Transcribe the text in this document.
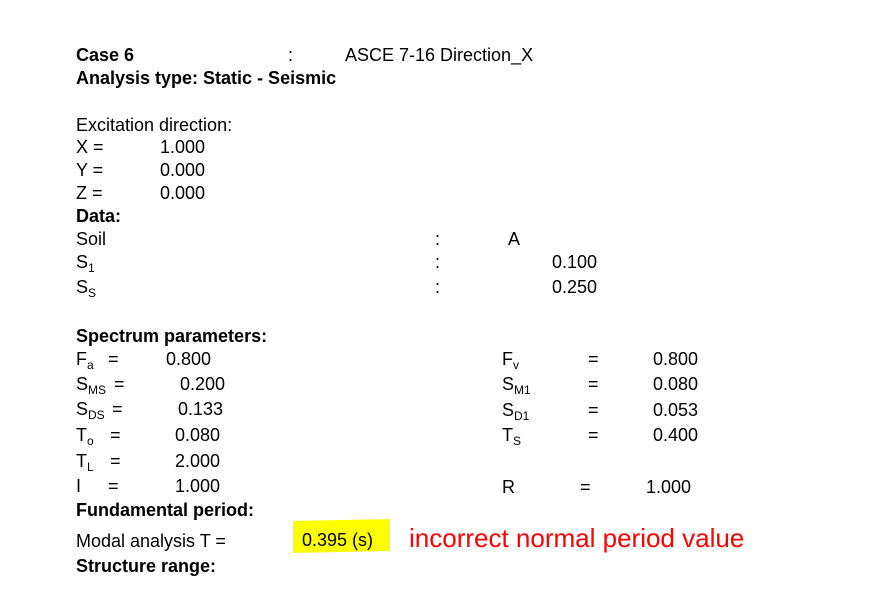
Case 6	:	ASCE 7-16 Direction_X
Analysis type: Static - Seismic
Excitation direction:
X =	1.000
Y =	0.000
Z =	0.000
Data:
Soil	:	A
$S_1$	:	0.100
$S_S$	:	0.250
Spectrum parameters:
Fundamental period:
Modal analysis T =	0.395 (s) incorrect normal period value
Structure range:
$F_a$ =	0.800
$S_{MS}$ =	0.200
$S_{DS}$ =	0.133
$T_o$ =	0.080
$T_L$ =	2.000
I =	1.000
$F_v$	=	0.800
$S_{M1}$	=	0.080
$S_{D1}$	=	0.053
$T_S$	=	0.400
R	=	1.000
